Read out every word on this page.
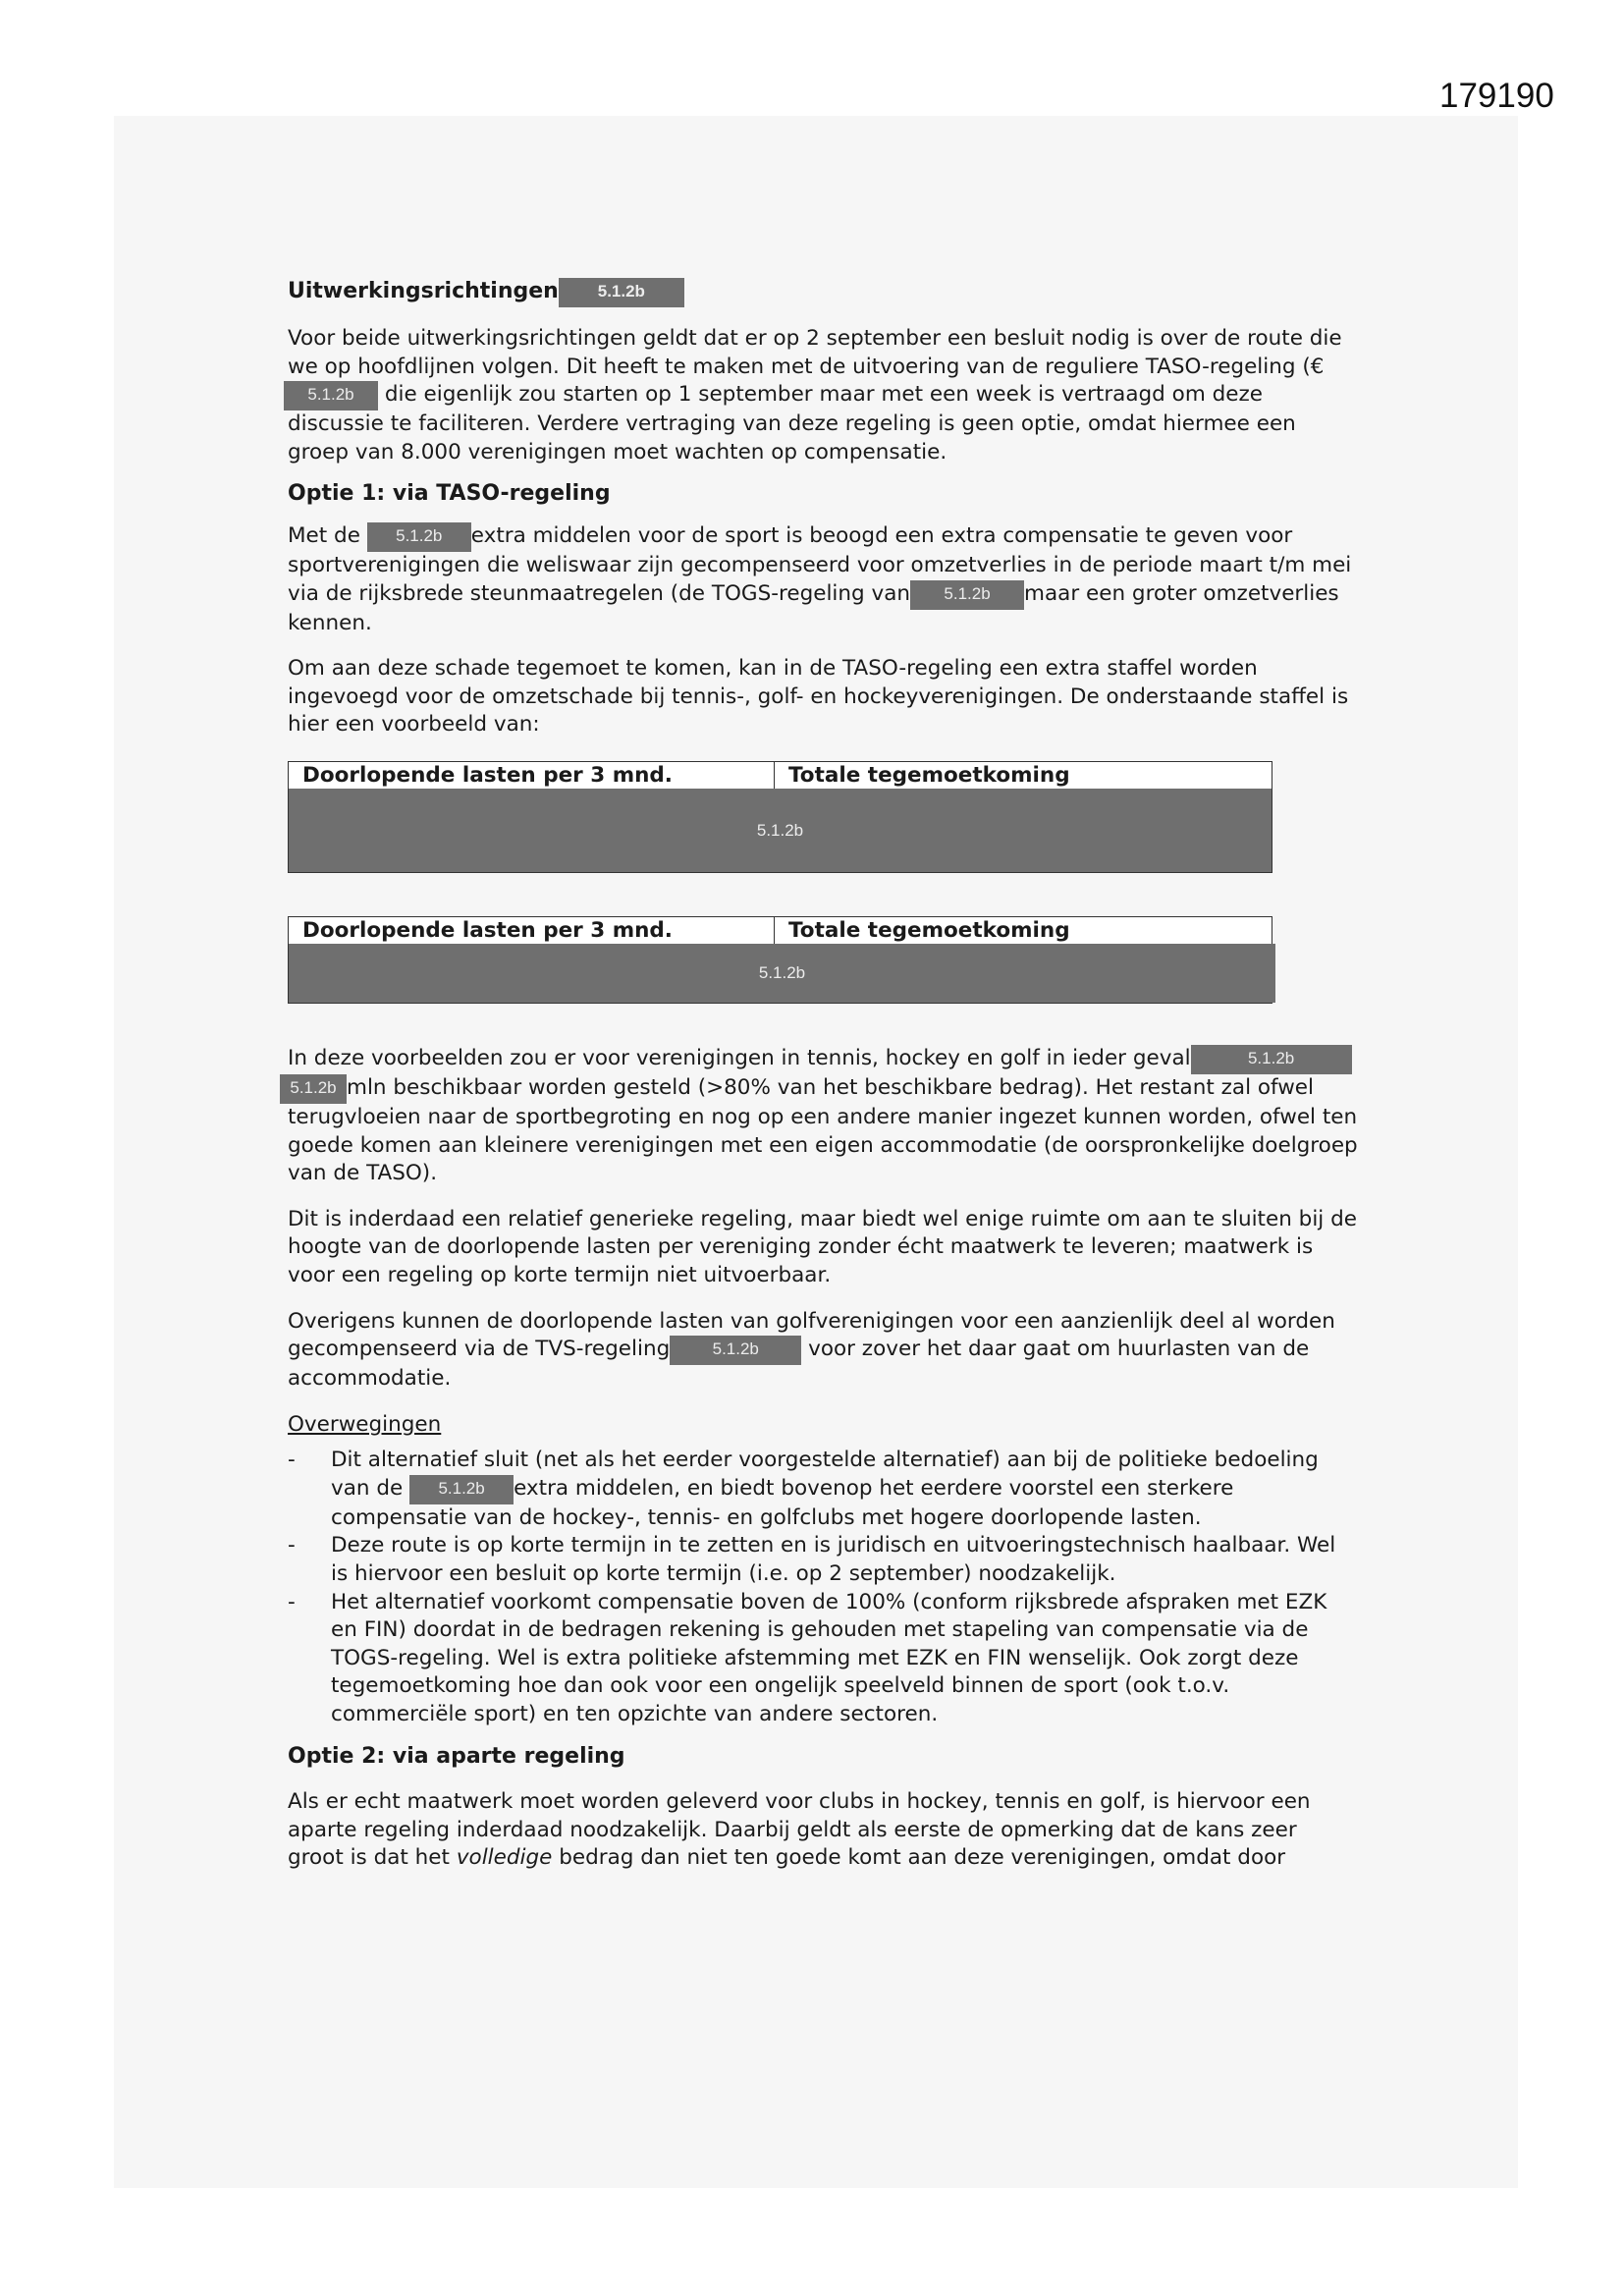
179190

Uitwerkingsrichtingen 5.1.2b

Voor beide uitwerkingsrichtingen geldt dat er op 2 september een besluit nodig is over de route die we op hoofdlijnen volgen. Dit heeft te maken met de uitvoering van de reguliere TASO-regeling (€ 5.1.2b die eigenlijk zou starten op 1 september maar met een week is vertraagd om deze discussie te faciliteren. Verdere vertraging van deze regeling is geen optie, omdat hiermee een groep van 8.000 verenigingen moet wachten op compensatie.

Optie 1: via TASO-regeling

Met de 5.1.2b extra middelen voor de sport is beoogd een extra compensatie te geven voor sportverenigingen die weliswaar zijn gecompenseerd voor omzetverlies in de periode maart t/m mei via de rijksbrede steunmaatregelen (de TOGS-regeling van 5.1.2b maar een groter omzetverlies kennen.

Om aan deze schade tegemoet te komen, kan in de TASO-regeling een extra staffel worden ingevoegd voor de omzetschade bij tennis-, golf- en hockeyverenigingen. De onderstaande staffel is hier een voorbeeld van:

Doorlopende lasten per 3 mnd.	Totale tegemoetkoming
5.1.2b
Doorlopende lasten per 3 mnd.	Totale tegemoetkoming
5.1.2b

In deze voorbeelden zou er voor verenigingen in tennis, hockey en golf in ieder geval	5.1.2b 5.1.2b mln beschikbaar worden gesteld (>80% van het beschikbare bedrag). Het restant zal ofwel terugvloeien naar de sportbegroting en nog op een andere manier ingezet kunnen worden, ofwel ten goede komen aan kleinere verenigingen met een eigen accommodatie (de oorspronkelijke doelgroep van de TASO).

Dit is inderdaad een relatief generieke regeling, maar biedt wel enige ruimte om aan te sluiten bij de hoogte van de doorlopende lasten per vereniging zonder écht maatwerk te leveren; maatwerk is voor een regeling op korte termijn niet uitvoerbaar.

Overigens kunnen de doorlopende lasten van golfverenigingen voor een aanzienlijk deel al worden gecompenseerd via de TVS-regeling	5.1.2b voor zover het daar gaat om huurlasten van de accommodatie.

Overwegingen

- Dit alternatief sluit (net als het eerder voorgestelde alternatief) aan bij de politieke bedoeling van de 5.1.2b extra middelen, en biedt bovenop het eerdere voorstel een sterkere compensatie van de hockey-, tennis- en golfclubs met hogere doorlopende lasten.
- Deze route is op korte termijn in te zetten en is juridisch en uitvoeringstechnisch haalbaar. Wel is hiervoor een besluit op korte termijn (i.e. op 2 september) noodzakelijk.
- Het alternatief voorkomt compensatie boven de 100% (conform rijksbrede afspraken met EZK en FIN) doordat in de bedragen rekening is gehouden met stapeling van compensatie via de TOGS-regeling. Wel is extra politieke afstemming met EZK en FIN wenselijk. Ook zorgt deze tegemoetkoming hoe dan ook voor een ongelijk speelveld binnen de sport (ook t.o.v. commerciële sport) en ten opzichte van andere sectoren.

Optie 2: via aparte regeling

Als er echt maatwerk moet worden geleverd voor clubs in hockey, tennis en golf, is hiervoor een aparte regeling inderdaad noodzakelijk. Daarbij geldt als eerste de opmerking dat de kans zeer groot is dat het volledige bedrag dan niet ten goede komt aan deze verenigingen, omdat door
